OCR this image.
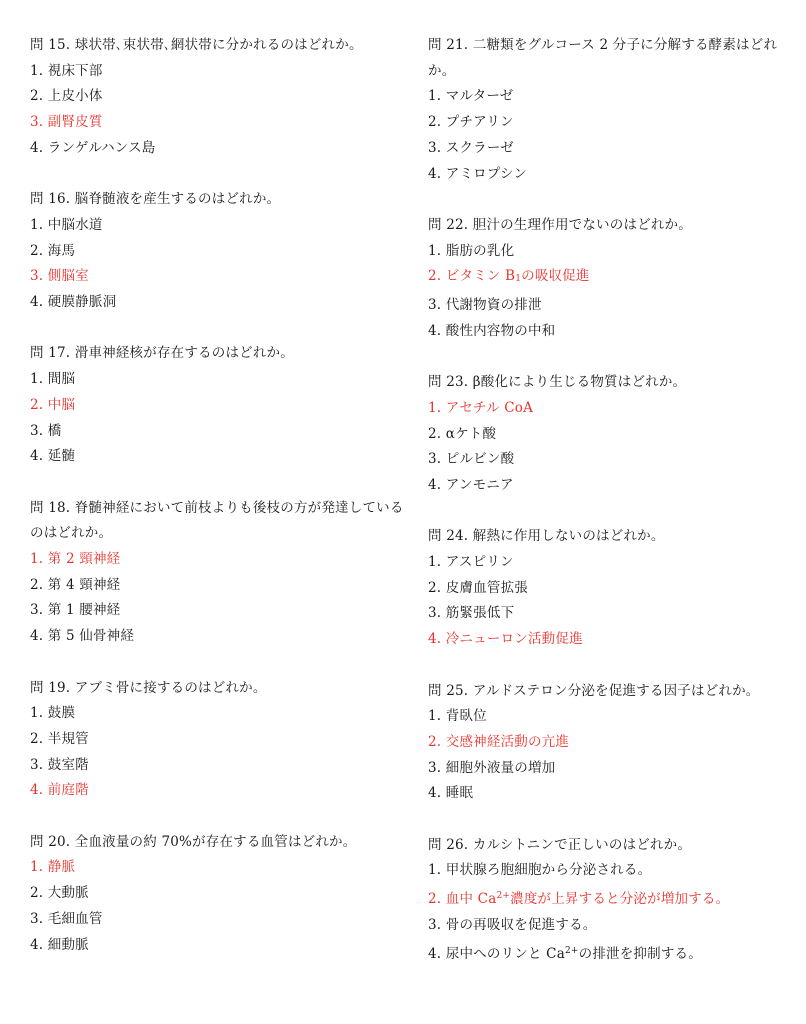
問 15. 球状帯､束状帯､網状帯に分かれるのはどれか。
1. 視床下部
2. 上皮小体
3. 副腎皮質
4. ランゲルハンス島
問 16. 脳脊髄液を産生するのはどれか。
1. 中脳水道
2. 海馬
3. 側脳室
4. 硬膜静脈洞
問 17. 滑車神経核が存在するのはどれか。
1. 間脳
2. 中脳
3. 橋
4. 延髄
問 18. 脊髄神経において前枝よりも後枝の方が発達しているのはどれか。
1. 第 2 頸神経
2. 第 4 頸神経
3. 第 1 腰神経
4. 第 5 仙骨神経
問 19. アブミ骨に接するのはどれか。
1. 鼓膜
2. 半規管
3. 鼓室階
4. 前庭階
問 20. 全血液量の約 70%が存在する血管はどれか。
1. 静脈
2. 大動脈
3. 毛細血管
4. 細動脈
問 21. 二糖類をグルコース 2 分子に分解する酵素はどれか。
1. マルターゼ
2. プチアリン
3. スクラーゼ
4. アミロプシン
問 22. 胆汁の生理作用でないのはどれか。
1. 脂肪の乳化
2. ビタミン $B_1$の吸収促進
3. 代謝物資の排泄
4. 酸性内容物の中和
問 23. β酸化により生じる物質はどれか。
1. アセチル CoA
2. αケト酸
3. ピルビン酸
4. アンモニア
問 24. 解熱に作用しないのはどれか。
1. アスピリン
2. 皮膚血管拡張
3. 筋緊張低下
4. 冷ニューロン活動促進
問 25. アルドステロン分泌を促進する因子はどれか。
1. 背臥位
2. 交感神経活動の亢進
3. 細胞外液量の増加
4. 睡眠
問 26. カルシトニンで正しいのはどれか。
1. 甲状腺ろ胞細胞から分泌される。
2. 血中 $Ca^{2+}$濃度が上昇すると分泌が増加する。
3. 骨の再吸収を促進する。
4. 尿中へのリンと $Ca^{2+}$の排泄を抑制する。
